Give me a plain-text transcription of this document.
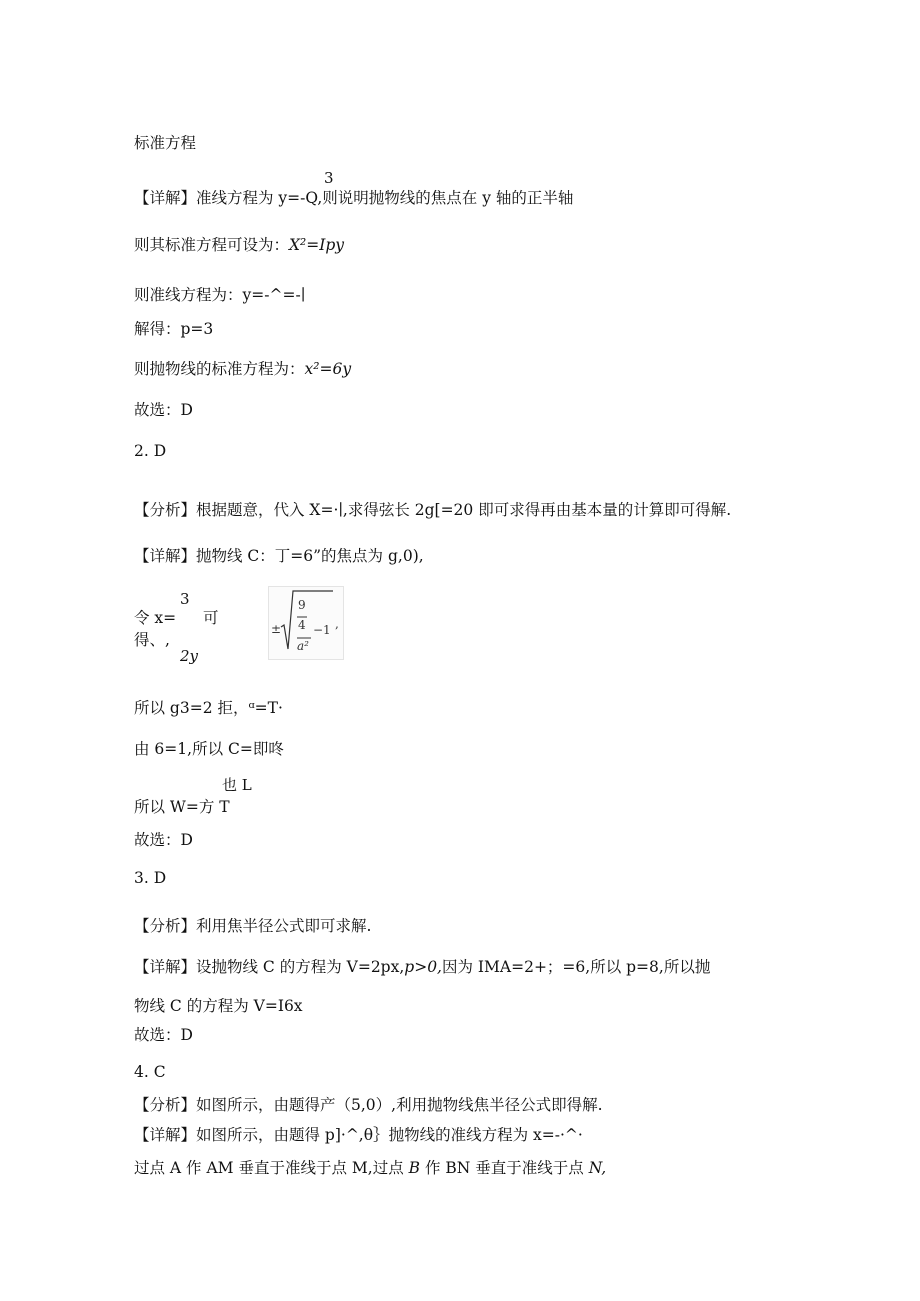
标准方程
3
【详解】准线方程为 y=-Q,则说明抛物线的焦点在 y 轴的正半轴
则其标准方程可设为：X²=Ipy
则准线方程为：y=-^=-∣
解得：p=3
则抛物线的标准方程为：x²=6y
故选：D
2. D
【分析】根据题意，代入 X=·∣,求得弦长 2g[=20 即可求得再由基本量的计算即可得解.
【详解】抛物线 C：丁=6”的焦点为 g,0),
3
令 x= 可
得、,
2y
±
9
4
a²
−1 ,
所以 g3=2 拒，ᵅ=T·
由 6=1,所以 C=即咚
也 L
所以 W=方 T
故选：D
3. D
【分析】利用焦半径公式即可求解.
【详解】设抛物线 C 的方程为 V=2px,p>0,因为 IMA=2+；=6,所以 p=8,所以抛
物线 C 的方程为 V=I6x
故选：D
4. C
【分析】如图所示，由题得产（5,0）,利用抛物线焦半径公式即得解.
【详解】如图所示，由题得 p]·^,θ｝抛物线的准线方程为 x=-·^·
过点 A 作 AM 垂直于准线于点 M,过点 B 作 BN 垂直于准线于点 N,
